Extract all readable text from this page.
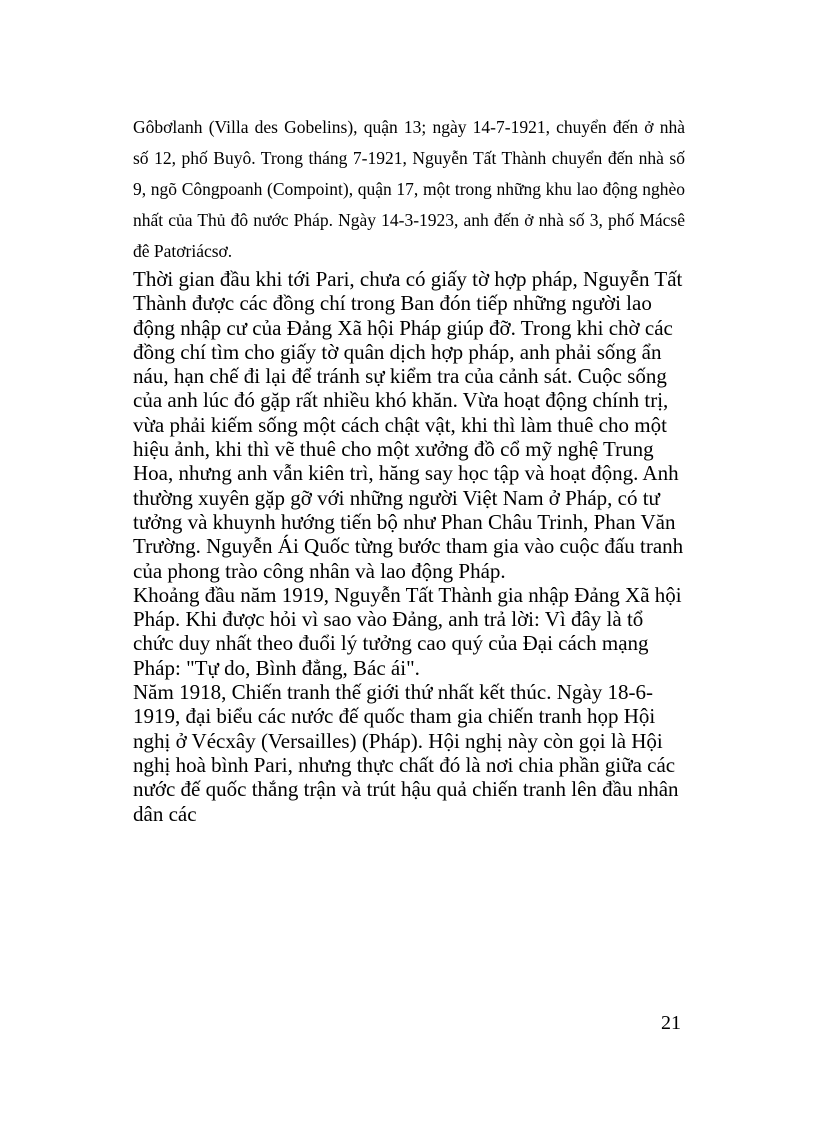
Gôbơlanh (Villa des Gobelins), quận 13; ngày 14-7-1921, chuyển đến ở nhà số 12, phố Buyô. Trong tháng 7-1921, Nguyễn Tất Thành chuyển đến nhà số 9, ngõ Côngpoanh (Compoint), quận 17, một trong những khu lao động nghèo nhất của Thủ đô nước Pháp. Ngày 14-3-1923, anh đến ở nhà số 3, phố Mácsê đê Patơriácsơ.

Thời gian đầu khi tới Pari, chưa có giấy tờ hợp pháp, Nguyễn Tất Thành được các đồng chí trong Ban đón tiếp những người lao động nhập cư của Đảng Xã hội Pháp giúp đỡ. Trong khi chờ các đồng chí tìm cho giấy tờ quân dịch hợp pháp, anh phải sống ẩn náu, hạn chế đi lại để tránh sự kiểm tra của cảnh sát. Cuộc sống của anh lúc đó gặp rất nhiều khó khăn. Vừa hoạt động chính trị, vừa phải kiếm sống một cách chật vật, khi thì làm thuê cho một hiệu ảnh, khi thì vẽ thuê cho một xưởng đồ cổ mỹ nghệ Trung Hoa, nhưng anh vẫn kiên trì, hăng say học tập và hoạt động. Anh thường xuyên gặp gỡ với những người Việt Nam ở Pháp, có tư tưởng và khuynh hướng tiến bộ như Phan Châu Trinh, Phan Văn Trường. Nguyễn Ái Quốc từng bước tham gia vào cuộc đấu tranh của phong trào công nhân và lao động Pháp.

Khoảng đầu năm 1919, Nguyễn Tất Thành gia nhập Đảng Xã hội Pháp. Khi được hỏi vì sao vào Đảng, anh trả lời: Vì đây là tổ chức duy nhất theo đuổi lý tưởng cao quý của Đại cách mạng Pháp: "Tự do, Bình đẳng, Bác ái".

Năm 1918, Chiến tranh thế giới thứ nhất kết thúc. Ngày 18-6-1919, đại biểu các nước đế quốc tham gia chiến tranh họp Hội nghị ở Vécxây (Versailles) (Pháp). Hội nghị này còn gọi là Hội nghị hoà bình Pari, nhưng thực chất đó là nơi chia phần giữa các nước đế quốc thắng trận và trút hậu quả chiến tranh lên đầu nhân dân các

21
